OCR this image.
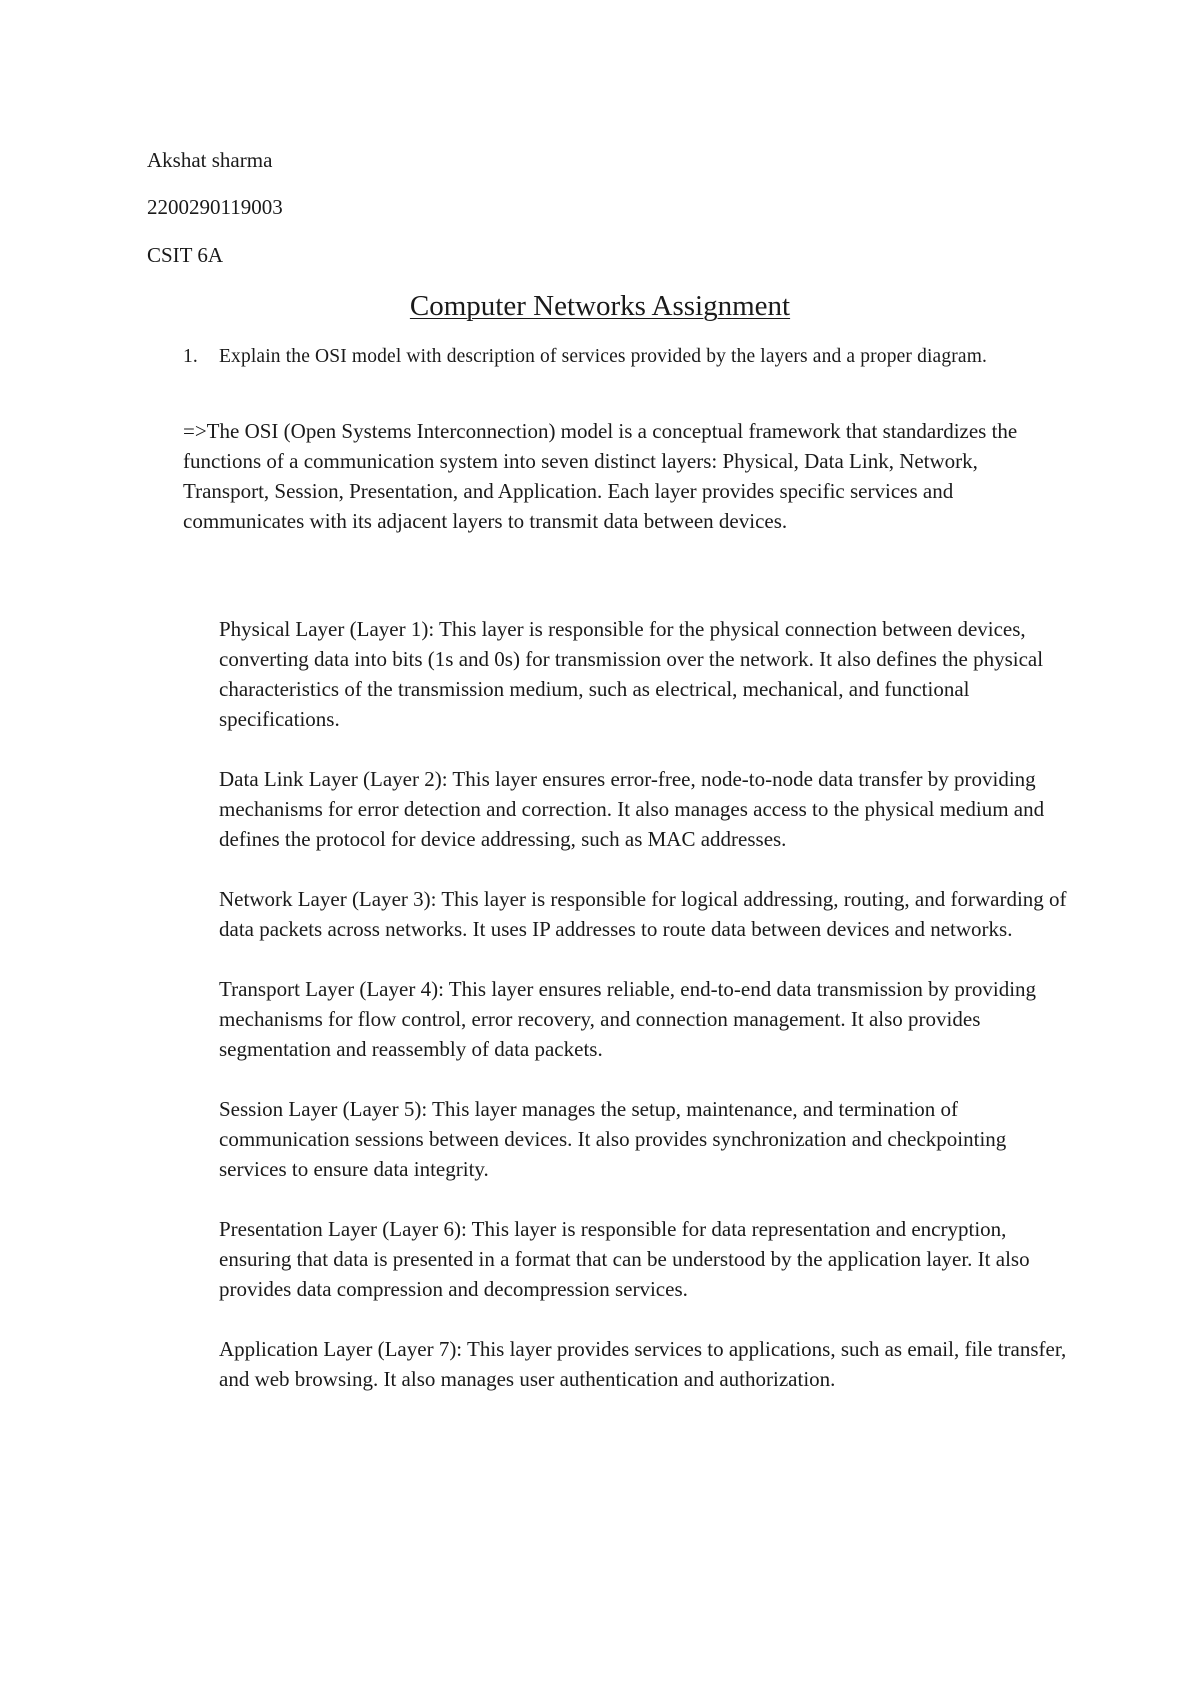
Akshat sharma
2200290119003
CSIT 6A
Computer Networks Assignment
1. Explain the OSI model with description of services provided by the layers and a proper diagram.
=>The OSI (Open Systems Interconnection) model is a conceptual framework that standardizes the functions of a communication system into seven distinct layers: Physical, Data Link, Network, Transport, Session, Presentation, and Application. Each layer provides specific services and communicates with its adjacent layers to transmit data between devices.

Physical Layer (Layer 1): This layer is responsible for the physical connection between devices, converting data into bits (1s and 0s) for transmission over the network. It also defines the physical characteristics of the transmission medium, such as electrical, mechanical, and functional specifications.

Data Link Layer (Layer 2): This layer ensures error-free, node-to-node data transfer by providing mechanisms for error detection and correction. It also manages access to the physical medium and defines the protocol for device addressing, such as MAC addresses.

Network Layer (Layer 3): This layer is responsible for logical addressing, routing, and forwarding of data packets across networks. It uses IP addresses to route data between devices and networks.

Transport Layer (Layer 4): This layer ensures reliable, end-to-end data transmission by providing mechanisms for flow control, error recovery, and connection management. It also provides segmentation and reassembly of data packets.

Session Layer (Layer 5): This layer manages the setup, maintenance, and termination of communication sessions between devices. It also provides synchronization and checkpointing services to ensure data integrity.

Presentation Layer (Layer 6): This layer is responsible for data representation and encryption, ensuring that data is presented in a format that can be understood by the application layer. It also provides data compression and decompression services.

Application Layer (Layer 7): This layer provides services to applications, such as email, file transfer, and web browsing. It also manages user authentication and authorization.
